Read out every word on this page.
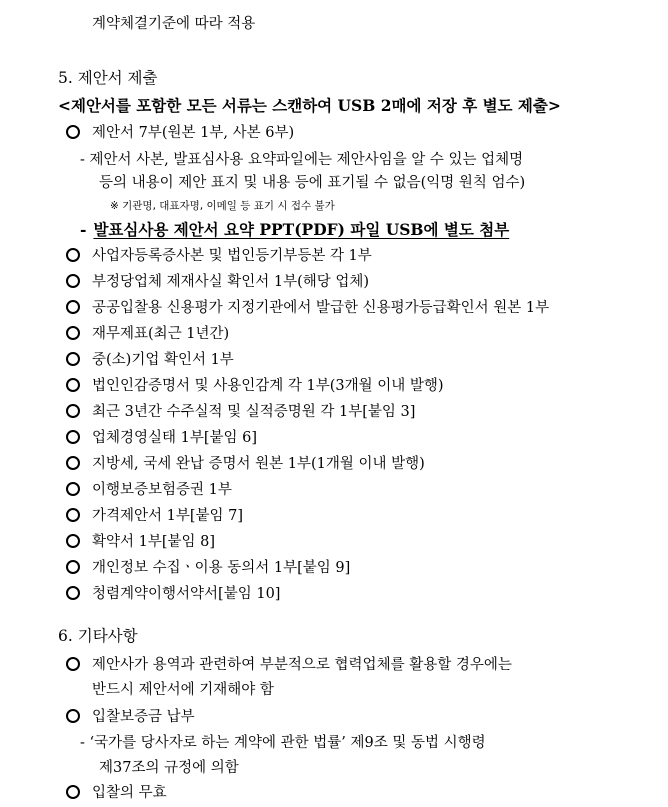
계약체결기준에 따라 적용
5. 제안서 제출
<제안서를 포함한 모든 서류는 스캔하여 USB 2매에 저장 후 별도 제출>
제안서 7부(원본 1부, 사본 6부)
- 제안서 사본, 발표심사용 요약파일에는 제안사임을 알 수 있는 업체명
등의 내용이 제안 표지 및 내용 등에 표기될 수 없음(익명 원칙 엄수)
※ 기관명, 대표자명, 이메일 등 표기 시 접수 불가
- 발표심사용 제안서 요약 PPT(PDF) 파일 USB에 별도 첨부
사업자등록증사본 및 법인등기부등본 각 1부
부정당업체 제재사실 확인서 1부(해당 업체)
공공입찰용 신용평가 지정기관에서 발급한 신용평가등급확인서 원본 1부
재무제표(최근 1년간)
중(소)기업 확인서 1부
법인인감증명서 및 사용인감계 각 1부(3개월 이내 발행)
최근 3년간 수주실적 및 실적증명원 각 1부[붙임 3]
업체경영실태 1부[붙임 6]
지방세, 국세 완납 증명서 원본 1부(1개월 이내 발행)
이행보증보험증권 1부
가격제안서 1부[붙임 7]
확약서 1부[붙임 8]
개인정보 수집ㆍ이용 동의서 1부[붙임 9]
청렴계약이행서약서[붙임 10]
6. 기타사항
제안사가 용역과 관련하여 부분적으로 협력업체를 활용할 경우에는
반드시 제안서에 기재해야 함
입찰보증금 납부
- ‘국가를 당사자로 하는 계약에 관한 법률’ 제9조 및 동법 시행령
제37조의 규정에 의함
입찰의 무효
